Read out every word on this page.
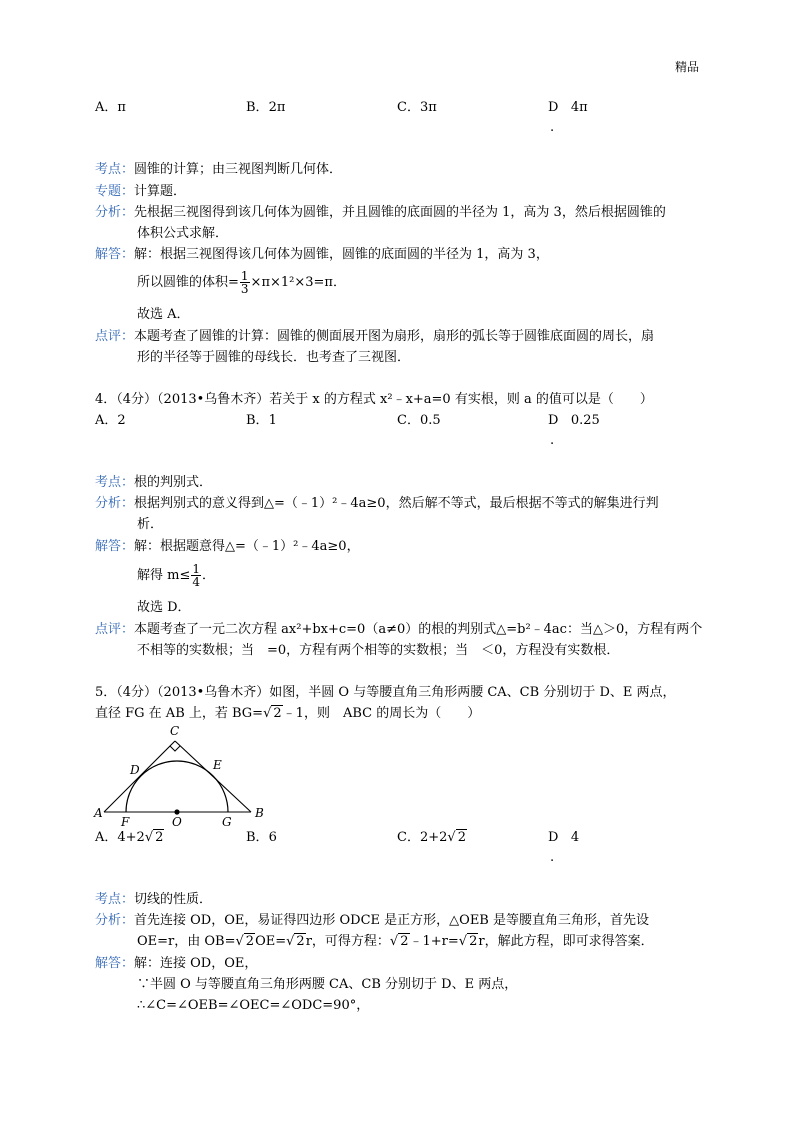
精品
A．π	B．2π	C．3π	D 4π
.
考点：圆锥的计算；由三视图判断几何体．
专题：计算题．
分析：先根据三视图得到该几何体为圆锥，并且圆锥的底面圆的半径为 1，高为 3，然后根据圆锥的
体积公式求解．
解答：解：根据三视图得该几何体为圆锥，圆锥的底面圆的半径为 1，高为 3，
所以圆锥的体积= $\frac{1}{3} \times\pi\times 1^2\times 3=\pi$．
故选 A．
点评：本题考查了圆锥的计算：圆锥的侧面展开图为扇形，扇形的弧长等于圆锥底面圆的周长，扇
形的半径等于圆锥的母线长．也考查了三视图．
4．（4分）（2013•乌鲁木齐）若关于 x 的方程式 x²﹣x+a=0 有实根，则 a 的值可以是（　　）
A．2	B．1	C．0.5	D 0.25
.
考点：根的判别式．
分析：根据判别式的意义得到△=（﹣1）²﹣4a≥0，然后解不等式，最后根据不等式的解集进行判
析．
解答：解：根据题意得△=（﹣1）²﹣4a≥0，
解得 $m\le \frac{1}{4}$ ．
故选 D．
点评：本题考查了一元二次方程 ax²+bx+c=0（a≠0）的根的判别式△=b²﹣4ac：当△＞0，方程有两个
不相等的实数根；当　=0，方程有两个相等的实数根；当　＜0，方程没有实数根．
5．（4分）（2013•乌鲁木齐）如图，半圆 O 与等腰直角三角形两腰 CA、CB 分别切于 D、E 两点，
直径 FG 在 AB 上，若 BG=√ 2﹣1，则　ABC 的周长为（　　）
C
D	E
A
F	O	G
B
A．4+2√ 2	B．6	C．2+2√ 2	D 4
.
考点：切线的性质．
分析：首先连接 OD，OE，易证得四边形 ODCE 是正方形，△OEB 是等腰直角三角形，首先设
OE=r，由 OB=√ 2OE=√ 2r，可得方程：√ 2﹣1+r=√ 2r，解此方程，即可求得答案．
解答：解：连接 OD，OE，
∵半圆 O 与等腰直角三角形两腰 CA、CB 分别切于 D、E 两点，
∴∠C=∠OEB=∠OEC=∠ODC=90°，
